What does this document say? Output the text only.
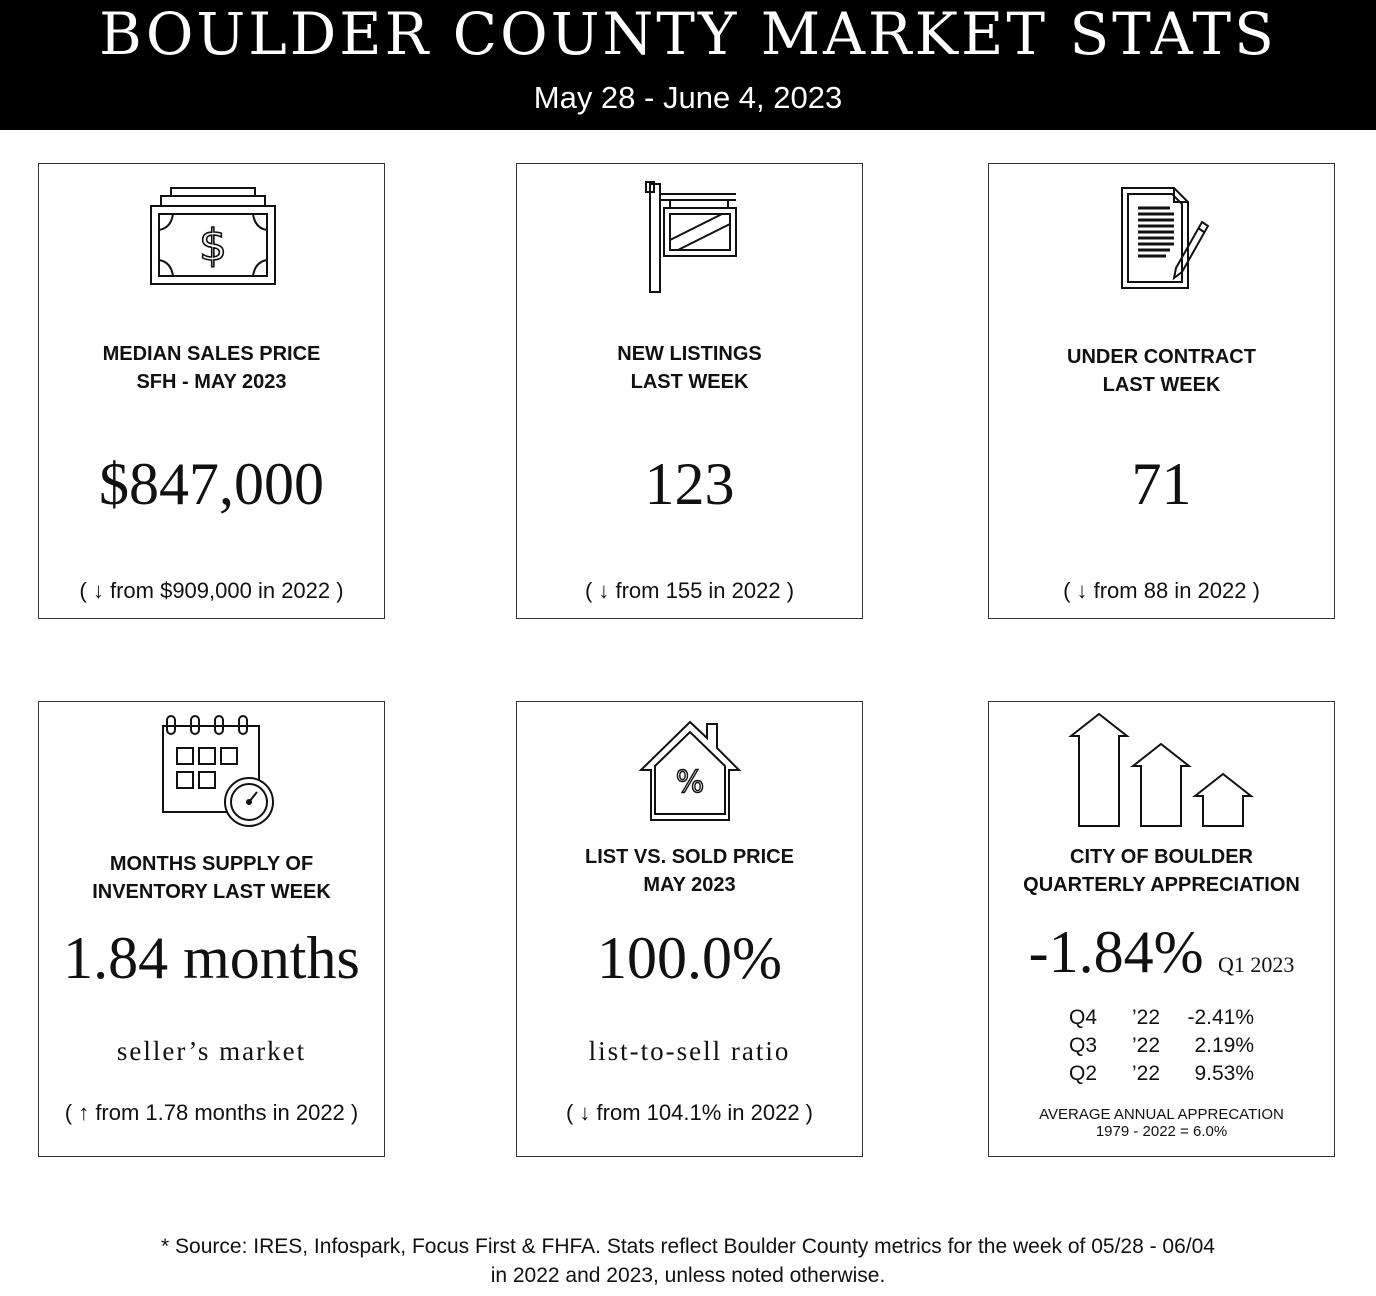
BOULDER COUNTY MARKET STATS
May 28 - June 4, 2023
$
MEDIAN SALES PRICE
SFH - MAY 2023
$847,000
( ↓ from $909,000 in 2022 )
NEW LISTINGS
LAST WEEK
123
( ↓ from 155 in 2022 )
UNDER CONTRACT
LAST WEEK
71
( ↓ from 88 in 2022 )
MONTHS SUPPLY OF
INVENTORY LAST WEEK
1.84 months
seller’s market
( ↑ from 1.78 months in 2022 )
%
LIST VS. SOLD PRICE
MAY 2023
100.0%
list-to-sell ratio
( ↓ from 104.1% in 2022 )
CITY OF BOULDER
QUARTERLY APPRECIATION
-1.84% Q1 2023
Q4 ’22 -2.41%
Q3 ’22 2.19%
Q2 ’22 9.53%
AVERAGE ANNUAL APPRECATION
1979 - 2022 = 6.0%
* Source: IRES, Infospark, Focus First & FHFA. Stats reflect Boulder County metrics for the week of 05/28 - 06/04
in 2022 and 2023, unless noted otherwise.
